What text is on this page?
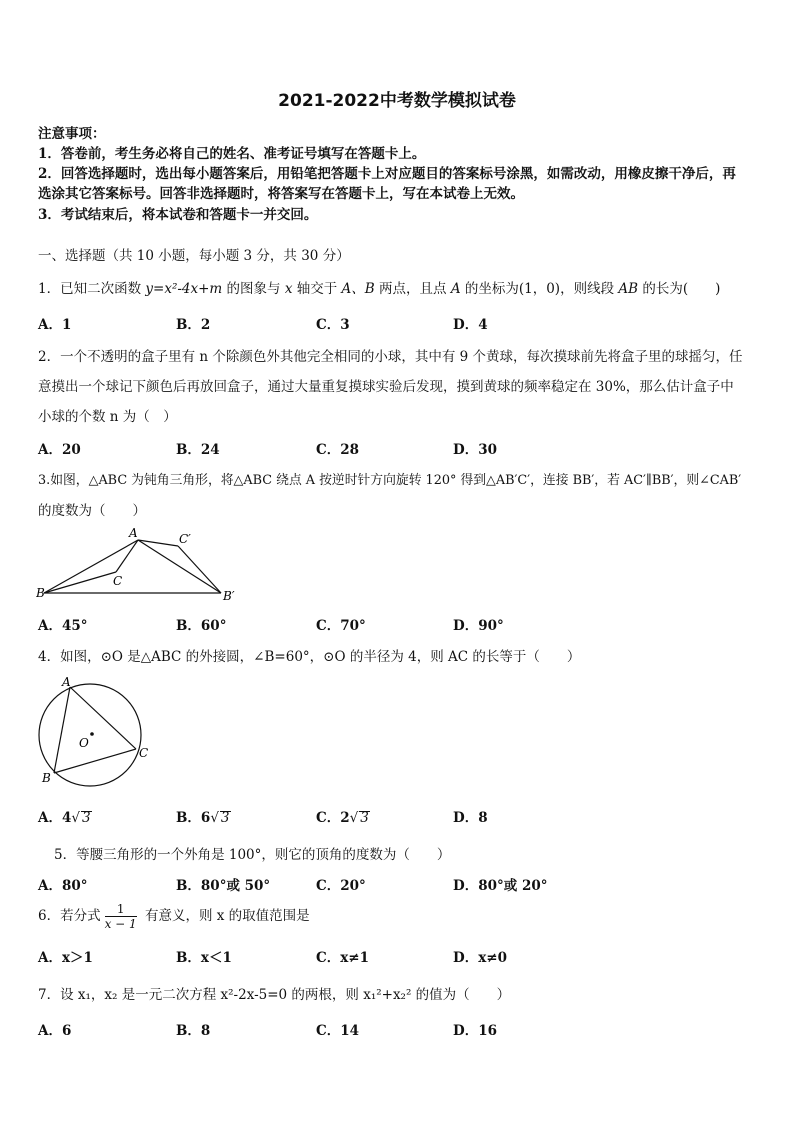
2021-2022中考数学模拟试卷
注意事项：
1．答卷前，考生务必将自己的姓名、准考证号填写在答题卡上。
2．回答选择题时，选出每小题答案后，用铅笔把答题卡上对应题目的答案标号涂黑，如需改动，用橡皮擦干净后，再
选涂其它答案标号。回答非选择题时，将答案写在答题卡上，写在本试卷上无效。
3．考试结束后，将本试卷和答题卡一并交回。
一、选择题（共 10 小题，每小题 3 分，共 30 分）
1．已知二次函数 y=x²-4x+m 的图象与 x 轴交于 A、B 两点，且点 A 的坐标为(1，0)，则线段 AB 的长为(　　)
A．1	B．2	C．3	D．4
2．一个不透明的盒子里有 n 个除颜色外其他完全相同的小球，其中有 9 个黄球，每次摸球前先将盒子里的球摇匀，任
意摸出一个球记下颜色后再放回盒子，通过大量重复摸球实验后发现，摸到黄球的频率稳定在 30%，那么估计盒子中
小球的个数 n 为（　）
A．20	B．24	C．28	D．30
3.如图，△ABC 为钝角三角形，将△ABC 绕点 A 按逆时针方向旋转 120° 得到△AB′C′，连接 BB′，若 AC′∥BB′，则∠CAB′
的度数为（　　）
A
B
C
C′
B′
A．45°	B．60°	C．70°	D．90°
4．如图，⊙O 是△ABC 的外接圆，∠B=60°，⊙O 的半径为 4，则 AC 的长等于（　　）
A
B
C
O
A．4√ 3	B．6√ 3	C．2√ 3	D．8
5．等腰三角形的一个外角是 100°，则它的顶角的度数为（　　）
A．80°	B．80°或 50°	C．20°	D．80°或 20°
6．若分式 $\frac{1}{x - 1}$ 有意义，则 x 的取值范围是
A．x＞1	B．x＜1	C．x≠1	D．x≠0
7．设 x₁，x₂ 是一元二次方程 x²-2x-5=0 的两根，则 x₁²+x₂² 的值为（　　）
A．6	B．8	C．14	D．16
